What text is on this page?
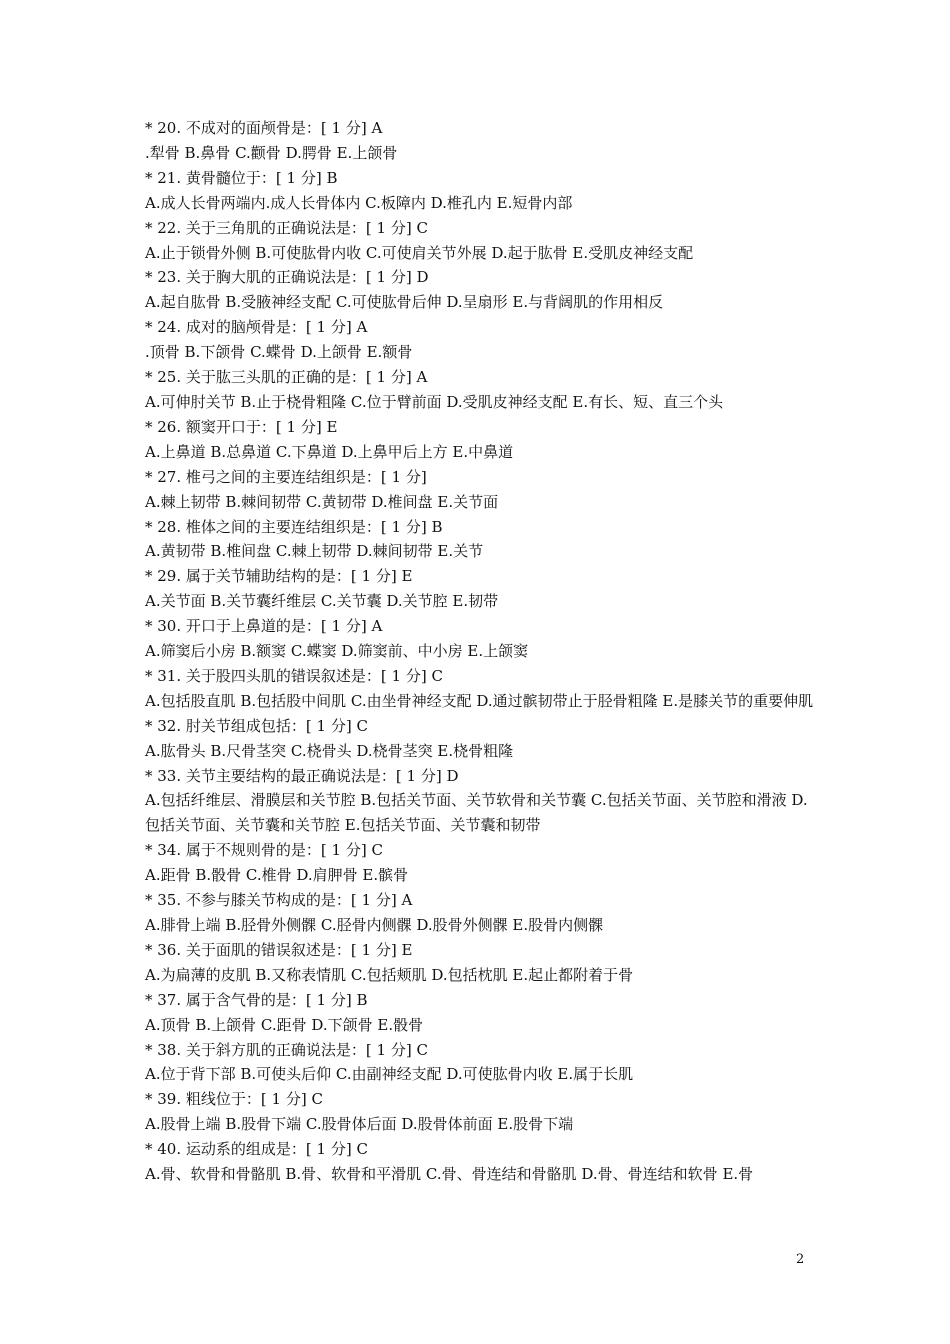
* 20. 不成对的面颅骨是：[ 1 分] A
.犁骨 B.鼻骨 C.颧骨 D.腭骨 E.上颌骨
* 21. 黄骨髓位于：[ 1 分] B
A.成人长骨两端内.成人长骨体内 C.板障内 D.椎孔内 E.短骨内部
* 22. 关于三角肌的正确说法是：[ 1 分] C
A.止于锁骨外侧 B.可使肱骨内收 C.可使肩关节外展 D.起于肱骨 E.受肌皮神经支配
* 23. 关于胸大肌的正确说法是：[ 1 分] D
A.起自肱骨 B.受腋神经支配 C.可使肱骨后伸 D.呈扇形 E.与背阔肌的作用相反
* 24. 成对的脑颅骨是：[ 1 分] A
.顶骨 B.下颌骨 C.蝶骨 D.上颌骨 E.额骨
* 25. 关于肱三头肌的正确的是：[ 1 分] A
A.可伸肘关节 B.止于桡骨粗隆 C.位于臂前面 D.受肌皮神经支配 E.有长、短、直三个头
* 26. 额窦开口于：[ 1 分] E
A.上鼻道 B.总鼻道 C.下鼻道 D.上鼻甲后上方 E.中鼻道
* 27. 椎弓之间的主要连结组织是：[ 1 分]
A.棘上韧带 B.棘间韧带 C.黄韧带 D.椎间盘 E.关节面
* 28. 椎体之间的主要连结组织是：[ 1 分] B
A.黄韧带 B.椎间盘 C.棘上韧带 D.棘间韧带 E.关节
* 29. 属于关节辅助结构的是：[ 1 分] E
A.关节面 B.关节囊纤维层 C.关节囊 D.关节腔 E.韧带
* 30. 开口于上鼻道的是：[ 1 分] A
A.筛窦后小房 B.额窦 C.蝶窦 D.筛窦前、中小房 E.上颌窦
* 31. 关于股四头肌的错误叙述是：[ 1 分] C
A.包括股直肌 B.包括股中间肌 C.由坐骨神经支配 D.通过髌韧带止于胫骨粗隆 E.是膝关节的重要伸肌
* 32. 肘关节组成包括：[ 1 分] C
A.肱骨头 B.尺骨茎突 C.桡骨头 D.桡骨茎突 E.桡骨粗隆
* 33. 关节主要结构的最正确说法是：[ 1 分] D
A.包括纤维层、滑膜层和关节腔 B.包括关节面、关节软骨和关节囊 C.包括关节面、关节腔和滑液 D.包括关节面、关节囊和关节腔 E.包括关节面、关节囊和韧带
* 34. 属于不规则骨的是：[ 1 分] C
A.距骨 B.骰骨 C.椎骨 D.肩胛骨 E.髌骨
* 35. 不参与膝关节构成的是：[ 1 分] A
A.腓骨上端 B.胫骨外侧髁 C.胫骨内侧髁 D.股骨外侧髁 E.股骨内侧髁
* 36. 关于面肌的错误叙述是：[ 1 分] E
A.为扁薄的皮肌 B.又称表情肌 C.包括颊肌 D.包括枕肌 E.起止都附着于骨
* 37. 属于含气骨的是：[ 1 分] B
A.顶骨 B.上颌骨 C.距骨 D.下颌骨 E.骰骨
* 38. 关于斜方肌的正确说法是：[ 1 分] C
A.位于背下部 B.可使头后仰 C.由副神经支配 D.可使肱骨内收 E.属于长肌
* 39. 粗线位于：[ 1 分] C
A.股骨上端 B.股骨下端 C.股骨体后面 D.股骨体前面 E.股骨下端
* 40. 运动系的组成是：[ 1 分] C
A.骨、软骨和骨骼肌 B.骨、软骨和平滑肌 C.骨、骨连结和骨骼肌 D.骨、骨连结和软骨 E.骨
2
